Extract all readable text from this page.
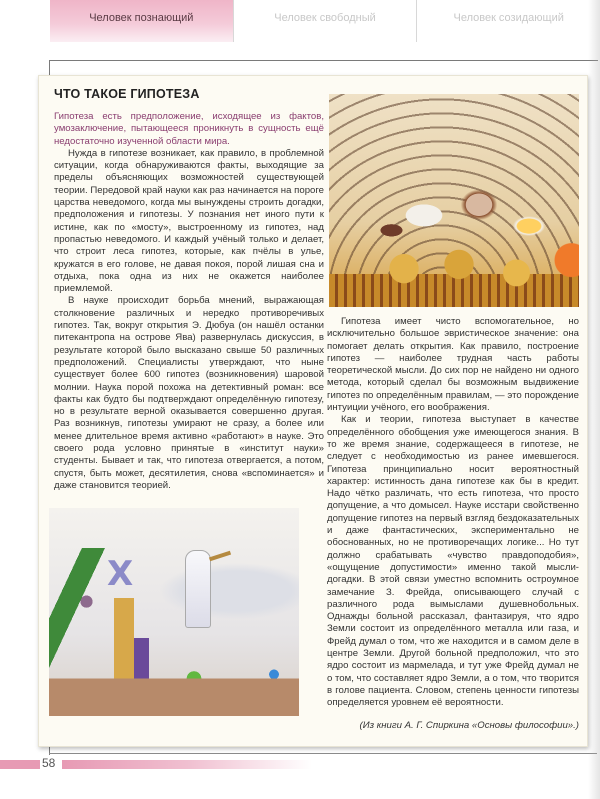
Человек познающий	Человек свободный	Человек созидающий
ЧТО ТАКОЕ ГИПОТЕЗА

Гипотеза есть предположение, исходящее из фактов, умозаключение, пытающееся проникнуть в сущность ещё недостаточно изученной области мира.

Нужда в гипотезе возникает, как правило, в проблемной ситуации, когда обнаруживаются факты, выходящие за пределы объясняющих возможностей существующей теории. Передовой край науки как раз начинается на пороге царства неведомого, когда мы вынуждены строить догадки, предположения и гипотезы. У познания нет иного пути к истине, как по «мосту», выстроенному из гипотез, над пропастью неведомого. И каждый учёный только и делает, что строит леса гипотез, которые, как пчёлы в улье, кружатся в его голове, не давая покоя, порой лишая сна и отдыха, пока одна из них не окажется наиболее приемлемой.

В науке происходит борьба мнений, выражающая столкновение различных и нередко противоречивых гипотез. Так, вокруг открытия Э. Дюбуа (он нашёл останки питекантропа на острове Ява) развернулась дискуссия, в результате которой было высказано свыше 50 различных предположений. Специалисты утверждают, что ныне существует более 600 гипотез (возникновения) шаровой молнии. Наука порой похожа на детективный роман: все факты как будто бы подтверждают определённую гипотезу, но в результате верной оказывается совершенно другая. Раз возникнув, гипотезы умирают не сразу, а более или менее длительное время активно «работают» в науке. Это своего рода условно принятые в «институт науки» студенты. Бывает и так, что гипотеза отвергается, а потом, спустя, быть может, десятилетия, снова «вспоминается» и даже становится теорией.

X

Гипотеза имеет чисто вспомогательное, но исключительно большое эвристическое значение: она помогает делать открытия. Как правило, построение гипотез — наиболее трудная часть работы теоретической мысли. До сих пор не найдено ни одного метода, который сделал бы возможным выдвижение гипотез по определённым правилам, — это порождение интуиции учёного, его воображения.

Как и теории, гипотеза выступает в качестве определённого обобщения уже имеющегося знания. В то же время знание, содержащееся в гипотезе, не следует с необходимостью из ранее имевшегося. Гипотеза принципиально носит вероятностный характер: истинность дана гипотезе как бы в кредит. Надо чётко различать, что есть гипотеза, что просто допущение, а что домысел. Науке исстари свойственно допущение гипотез на первый взгляд бездоказательных и даже фантастических, экспериментально не обоснованных, но не противоречащих логике... Но тут должно срабатывать «чувство правдоподобия», «ощущение допустимости» именно такой мысли-догадки. В этой связи уместно вспомнить остроумное замечание З. Фрейда, описывающего случай с различного рода вымыслами душевнобольных. Однажды больной рассказал, фантазируя, что ядро Земли состоит из определённого металла или газа, и Фрейд думал о том, что же находится и в самом деле в центре Земли. Другой больной предположил, что это ядро состоит из мармелада, и тут уже Фрейд думал не о том, что составляет ядро Земли, а о том, что творится в голове пациента. Словом, степень ценности гипотезы определяется уровнем её вероятности.

(Из книги А. Г. Спиркина «Основы философии».)

58
